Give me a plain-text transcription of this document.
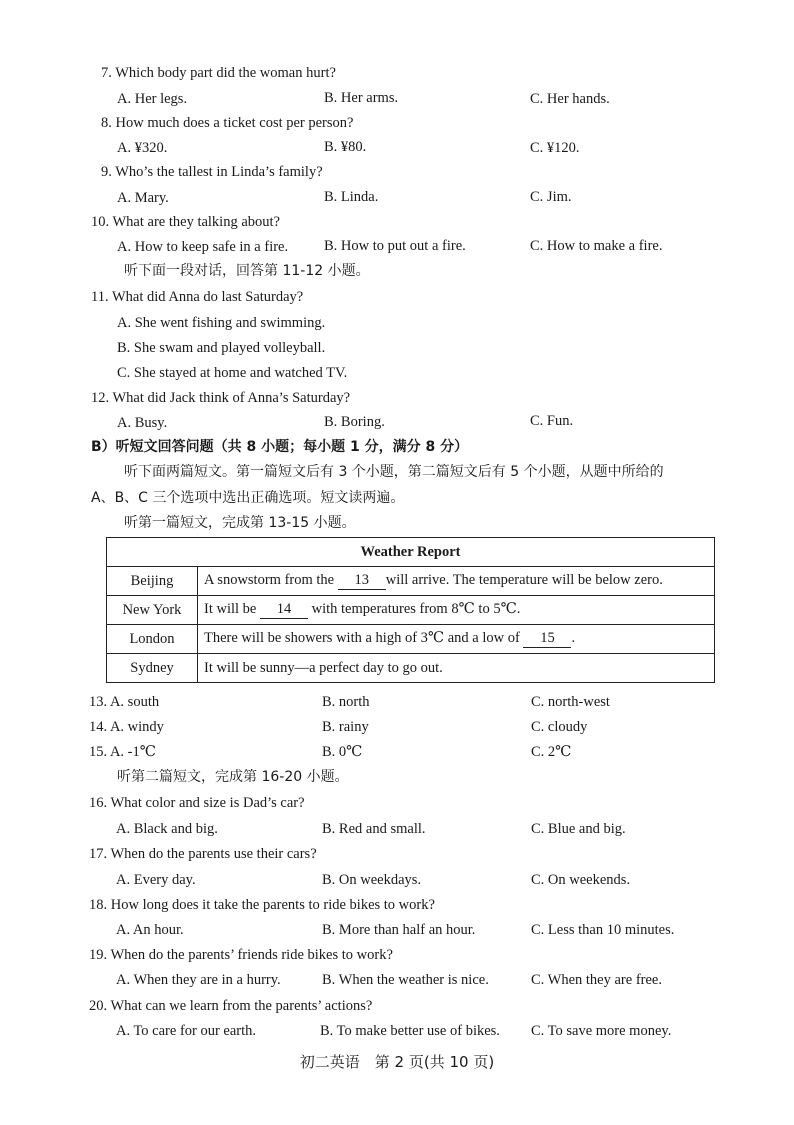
7. Which body part did the woman hurt?
A. Her legs.	B. Her arms.	C. Her hands.
8. How much does a ticket cost per person?
A. ¥320.	B. ¥80.	C. ¥120.
9. Who’s the tallest in Linda’s family?
A. Mary.	B. Linda.	C. Jim.
10. What are they talking about?
A. How to keep safe in a fire. B. How to put out a fire.	C. How to make a fire.
听下面一段对话，回答第 11-12 小题。
11. What did Anna do last Saturday?
A. She went fishing and swimming.
B. She swam and played volleyball.
C. She stayed at home and watched TV.
12. What did Jack think of Anna’s Saturday?
A. Busy.	B. Boring.	C. Fun.
B）听短文回答问题（共 8 小题；每小题 1 分，满分 8 分）
听下面两篇短文。第一篇短文后有 3 个小题，第二篇短文后有 5 个小题，从题中所给的
A、B、C 三个选项中选出正确选项。短文读两遍。
听第一篇短文，完成第 13-15 小题。
Weather Report	
Beijing	A snowstorm from the 13 will arrive. The temperature will be below zero.
New York	It will be 14 with temperatures from 8℃ to 5℃.
London	There will be showers with a high of 3℃ and a low of 15 .
Sydney	It will be sunny—a perfect day to go out.
13. A. south	B. north	C. north-west
14. A. windy	B. rainy	C. cloudy
15. A. -1℃	B. 0℃	C. 2℃
听第二篇短文，完成第 16-20 小题。
16. What color and size is Dad’s car?
A. Black and big.	B. Red and small.	C. Blue and big.
17. When do the parents use their cars?
A. Every day.	B. On weekdays.	C. On weekends.
18. How long does it take the parents to ride bikes to work?
A. An hour.	B. More than half an hour.	C. Less than 10 minutes.
19. When do the parents’ friends ride bikes to work?
A. When they are in a hurry.	B. When the weather is nice.	C. When they are free.
20. What can we learn from the parents’ actions?
A. To care for our earth.	B. To make better use of bikes. C. To save more money.
初二英语　第 2 页(共 10 页)
